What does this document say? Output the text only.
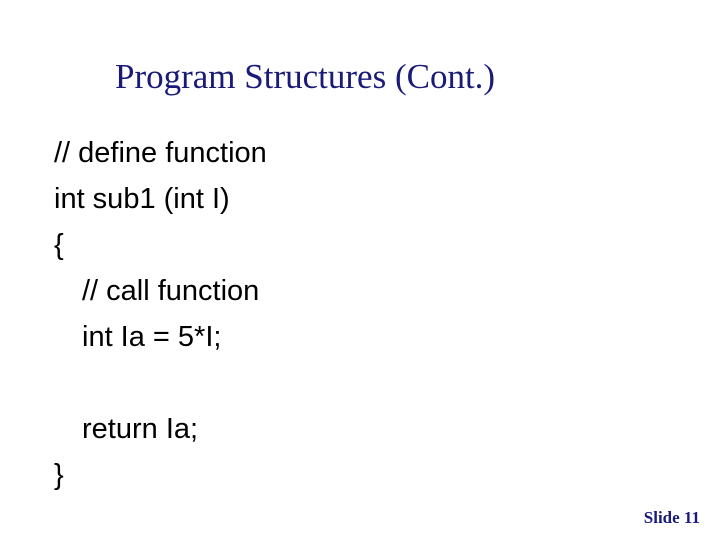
Program Structures (Cont.)
// define function
int sub1 (int I)
{
// call function
int Ia = 5*I;
return Ia;
}
Slide 11
